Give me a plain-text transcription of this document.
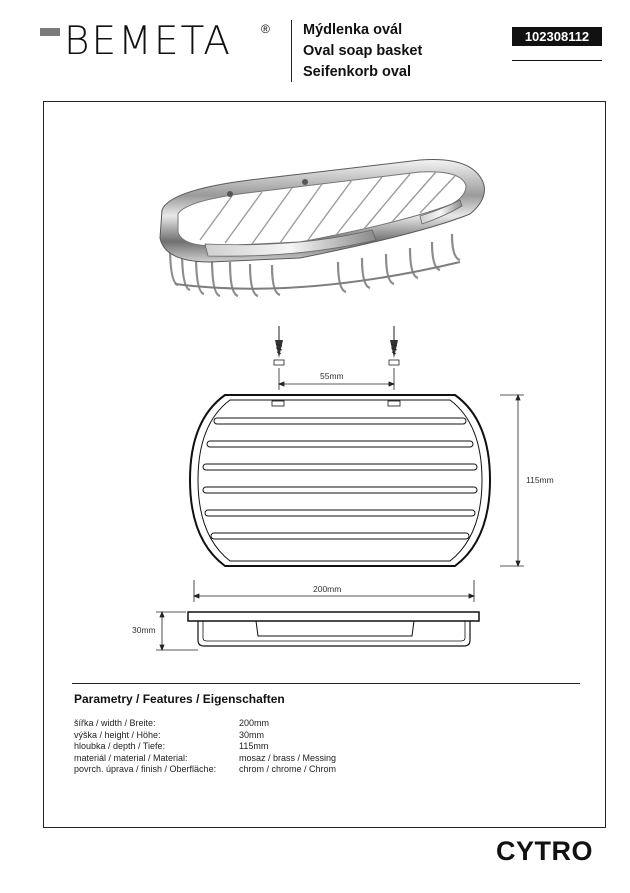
BEMETA ® Mýdlenka ovál
Oval soap basket
Seifenkorb oval
102308112
55mm
115mm
200mm
30mm
Parametry / Features / Eigenschaften
šířka / width / Breite:	200mm
výška / height / Höhe:	30mm
hloubka / depth / Tiefe:	115mm
materiál / material / Material:	mosaz / brass / Messing
povrch. úprava / finish / Oberfläche:	chrom / chrome / Chrom
CYTRO
